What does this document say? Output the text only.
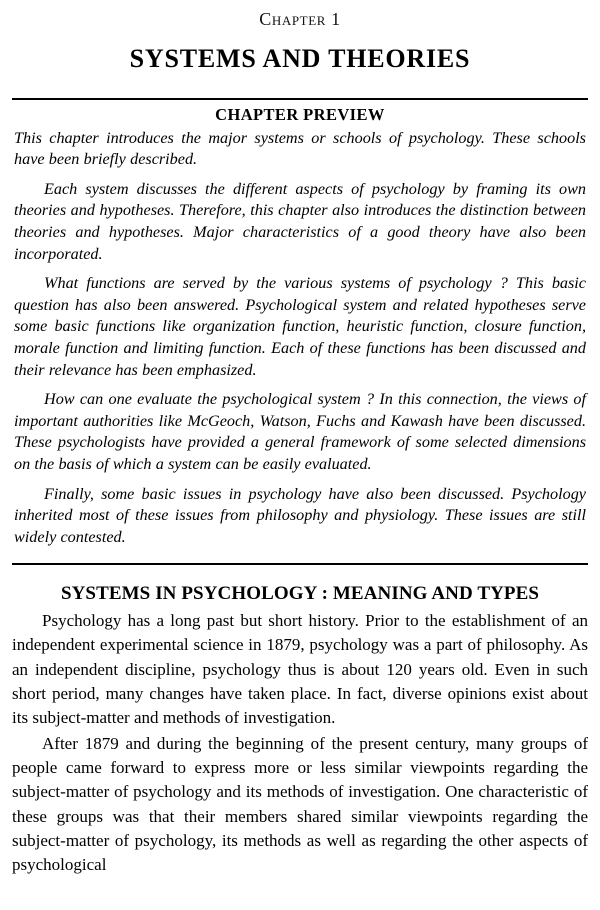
Chapter 1
SYSTEMS AND THEORIES
CHAPTER PREVIEW

This chapter introduces the major systems or schools of psychology. These schools have been briefly described.

Each system discusses the different aspects of psychology by framing its own theories and hypotheses. Therefore, this chapter also introduces the distinction between theories and hypotheses. Major characteristics of a good theory have also been incorporated.

What functions are served by the various systems of psychology ? This basic question has also been answered. Psychological system and related hypotheses serve some basic functions like organization function, heuristic function, closure function, morale function and limiting function. Each of these functions has been discussed and their relevance has been emphasized.

How can one evaluate the psychological system ? In this connection, the views of important authorities like McGeoch, Watson, Fuchs and Kawash have been discussed. These psychologists have provided a general framework of some selected dimensions on the basis of which a system can be easily evaluated.

Finally, some basic issues in psychology have also been discussed. Psychology inherited most of these issues from philosophy and physiology. These issues are still widely contested.

SYSTEMS IN PSYCHOLOGY : MEANING AND TYPES

Psychology has a long past but short history. Prior to the establishment of an independent experimental science in 1879, psychology was a part of philosophy. As an independent discipline, psychology thus is about 120 years old. Even in such short period, many changes have taken place. In fact, diverse opinions exist about its subject-matter and methods of investigation.

After 1879 and during the beginning of the present century, many groups of people came forward to express more or less similar viewpoints regarding the subject-matter of psychology and its methods of investigation. One characteristic of these groups was that their members shared similar viewpoints regarding the subject-matter of psychology, its methods as well as regarding the other aspects of psychological
